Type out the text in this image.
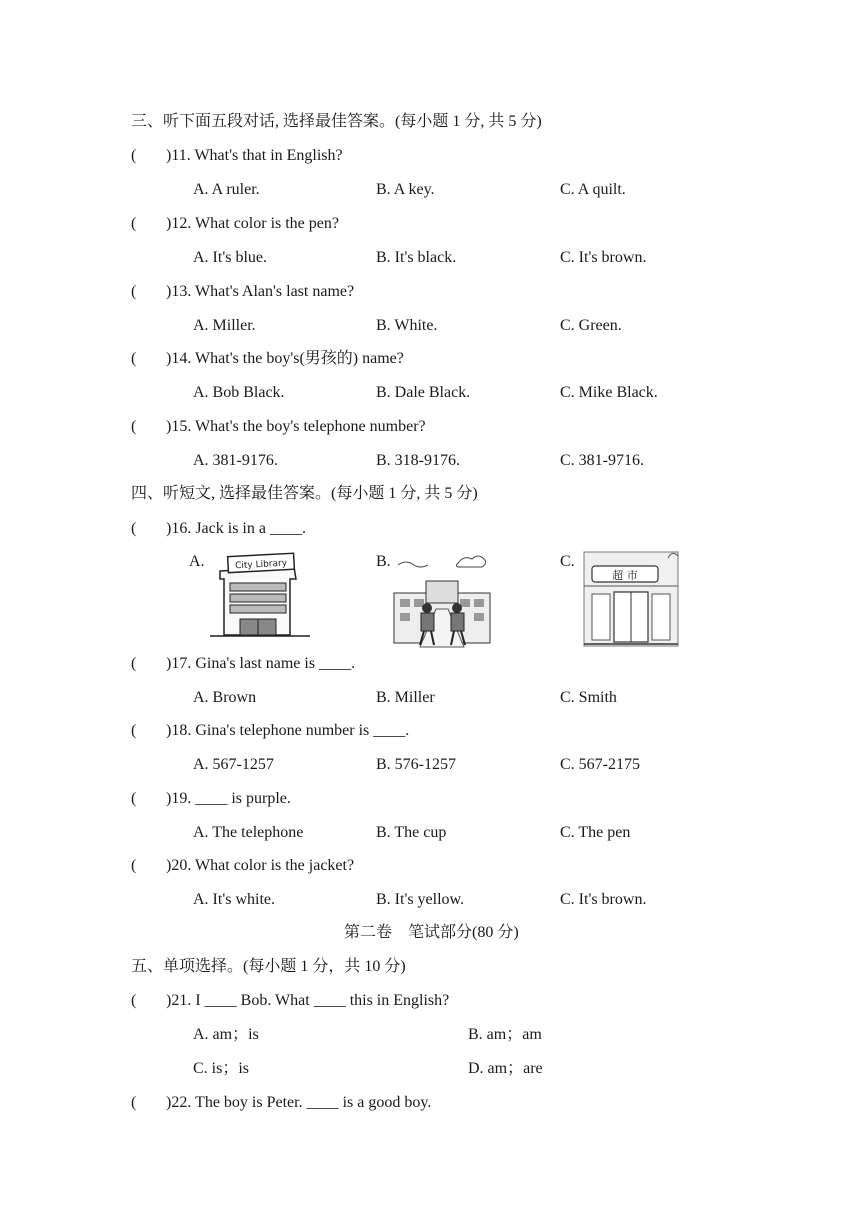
三、听下面五段对话, 选择最佳答案。(每小题 1 分, 共 5 分)
( )11. What's that in English?
A. A ruler.	B. A key.	C. A quilt.
( )12. What color is the pen?
A. It's blue.	B. It's black.	C. It's brown.
( )13. What's Alan's last name?
A. Miller.	B. White.	C. Green.
( )14. What's the boy's(男孩的) name?
A. Bob Black.	B. Dale Black.	C. Mike Black.
( )15. What's the boy's telephone number?
A. 381-9176.	B. 318-9176.	C. 381-9716.
四、听短文, 选择最佳答案。(每小题 1 分, 共 5 分)
( )16. Jack is in a ____.
A.	City Library	B.	C.
超 市
( )17. Gina's last name is ____.
A. Brown	B. Miller	C. Smith
( )18. Gina's telephone number is ____.
A. 567-1257	B. 576-1257	C. 567-2175
( )19. ____ is purple.
A. The telephone	B. The cup	C. The pen
( )20. What color is the jacket?
A. It's white.	B. It's yellow.	C. It's brown.
第二卷　笔试部分(80 分)
五、单项选择。(每小题 1 分，共 10 分)
( )21. I ____ Bob. What ____ this in English?
A. am；is	B. am；am
C. is；is	D. am；are
( )22. The boy is Peter. ____ is a good boy.
